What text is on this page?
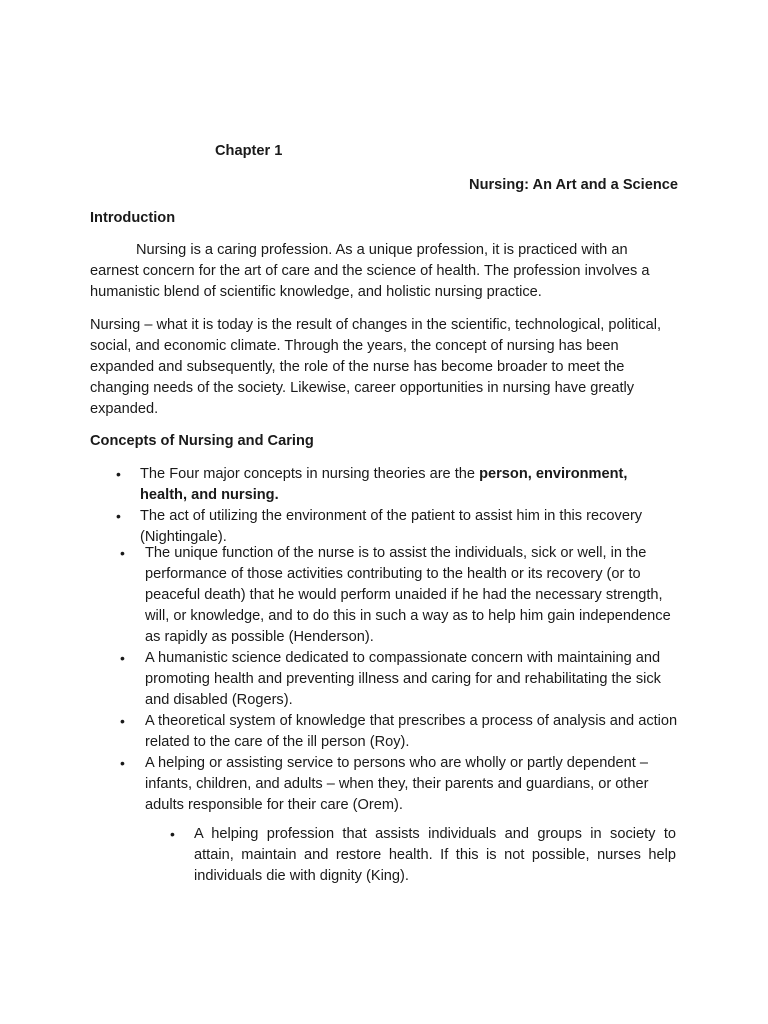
Chapter 1

Nursing: An Art and a Science

Introduction

Nursing is a caring profession. As a unique profession, it is practiced with an earnest concern for the art of care and the science of health. The profession involves a humanistic blend of scientific knowledge, and holistic nursing practice.

Nursing – what it is today is the result of changes in the scientific, technological, political, social, and economic climate. Through the years, the concept of nursing has been expanded and subsequently, the role of the nurse has become broader to meet the changing needs of the society. Likewise, career opportunities in nursing have greatly expanded.

Concepts of Nursing and Caring

• The Four major concepts in nursing theories are the person, environment, health, and nursing.
• The act of utilizing the environment of the patient to assist him in this recovery (Nightingale).
• The unique function of the nurse is to assist the individuals, sick or well, in the performance of those activities contributing to the health or its recovery (or to peaceful death) that he would perform unaided if he had the necessary strength, will, or knowledge, and to do this in such a way as to help him gain independence as rapidly as possible (Henderson).
• A humanistic science dedicated to compassionate concern with maintaining and promoting health and preventing illness and caring for and rehabilitating the sick and disabled (Rogers).
• A theoretical system of knowledge that prescribes a process of analysis and action related to the care of the ill person (Roy).
• A helping or assisting service to persons who are wholly or partly dependent – infants, children, and adults – when they, their parents and guardians, or other adults responsible for their care (Orem).
• A helping profession that assists individuals and groups in society to attain, maintain and restore health. If this is not possible, nurses help individuals die with dignity (King).
